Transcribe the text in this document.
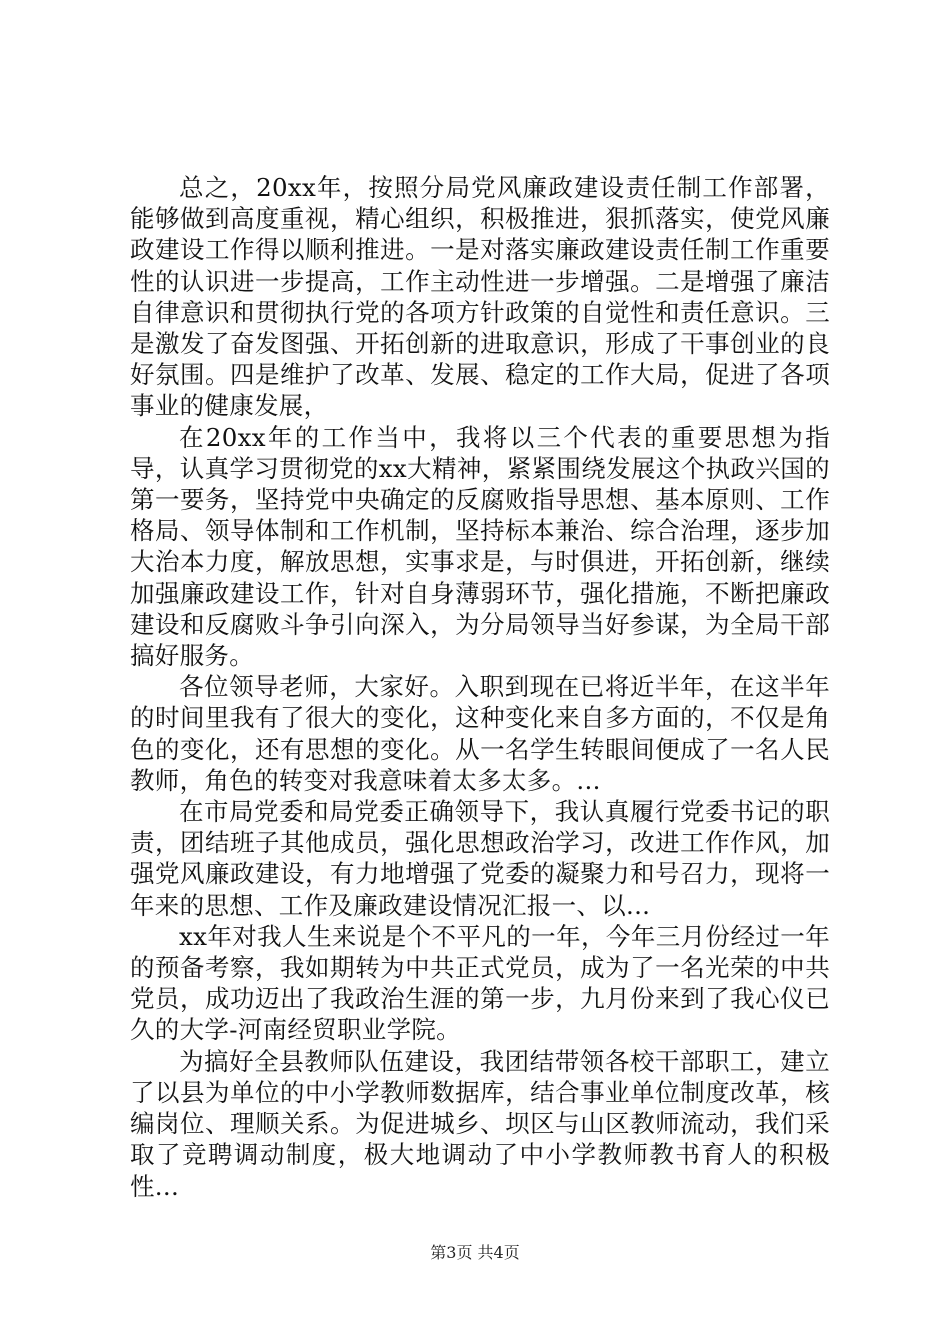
总之，20xx年，按照分局党风廉政建设责任制工作部署，能够做到高度重视，精心组织，积极推进，狠抓落实，使党风廉政建设工作得以顺利推进。一是对落实廉政建设责任制工作重要性的认识进一步提高，工作主动性进一步增强。二是增强了廉洁自律意识和贯彻执行党的各项方针政策的自觉性和责任意识。三是激发了奋发图强、开拓创新的进取意识，形成了干事创业的良好氛围。四是维护了改革、发展、稳定的工作大局，促进了各项事业的健康发展，

在20xx年的工作当中，我将以三个代表的重要思想为指导，认真学习贯彻党的xx大精神，紧紧围绕发展这个执政兴国的第一要务，坚持党中央确定的反腐败指导思想、基本原则、工作格局、领导体制和工作机制，坚持标本兼治、综合治理，逐步加大治本力度，解放思想，实事求是，与时俱进，开拓创新，继续加强廉政建设工作，针对自身薄弱环节，强化措施，不断把廉政建设和反腐败斗争引向深入，为分局领导当好参谋，为全局干部搞好服务。

各位领导老师，大家好。入职到现在已将近半年，在这半年的时间里我有了很大的变化，这种变化来自多方面的，不仅是角色的变化，还有思想的变化。从一名学生转眼间便成了一名人民教师，角色的转变对我意味着太多太多。...

在市局党委和局党委正确领导下，我认真履行党委书记的职责，团结班子其他成员，强化思想政治学习，改进工作作风，加强党风廉政建设，有力地增强了党委的凝聚力和号召力，现将一年来的思想、工作及廉政建设情况汇报一、以...

xx年对我人生来说是个不平凡的一年，今年三月份经过一年的预备考察，我如期转为中共正式党员，成为了一名光荣的中共党员，成功迈出了我政治生涯的第一步，九月份来到了我心仪已久的大学-河南经贸职业学院。

为搞好全县教师队伍建设，我团结带领各校干部职工，建立了以县为单位的中小学教师数据库，结合事业单位制度改革，核编岗位、理顺关系。为促进城乡、坝区与山区教师流动，我们采取了竞聘调动制度，极大地调动了中小学教师教书育人的积极性...

第3页 共4页
